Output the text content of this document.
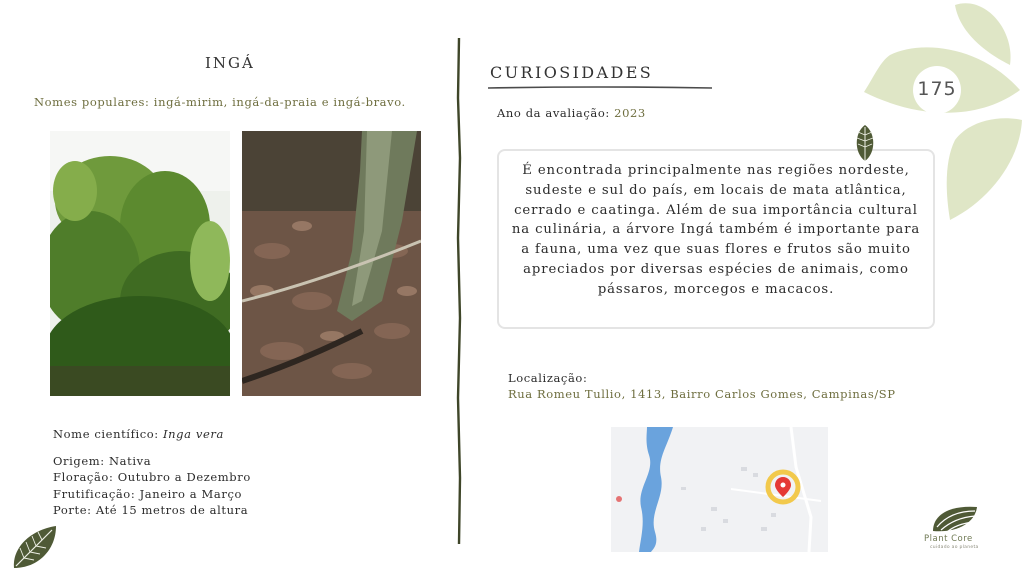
INGÁ
Nomes populares: ingá-mirim, ingá-da-praia e ingá-bravo.
Nome científico: Inga vera
Origem: Nativa
Floração: Outubro a Dezembro
Frutificação: Janeiro a Março
Porte: Até 15 metros de altura
CURIOSIDADES
Ano da avaliação: 2023
É encontrada principalmente nas regiões nordeste, sudeste e sul do país, em locais de mata atlântica, cerrado e caatinga. Além de sua importância cultural na culinária, a árvore Ingá também é importante para a fauna, uma vez que suas flores e frutos são muito apreciados por diversas espécies de animais, como pássaros, morcegos e macacos.
Localização:
Rua Romeu Tullio, 1413, Bairro Carlos Gomes, Campinas/SP
175
Plant Core
cuidado ao planeta
